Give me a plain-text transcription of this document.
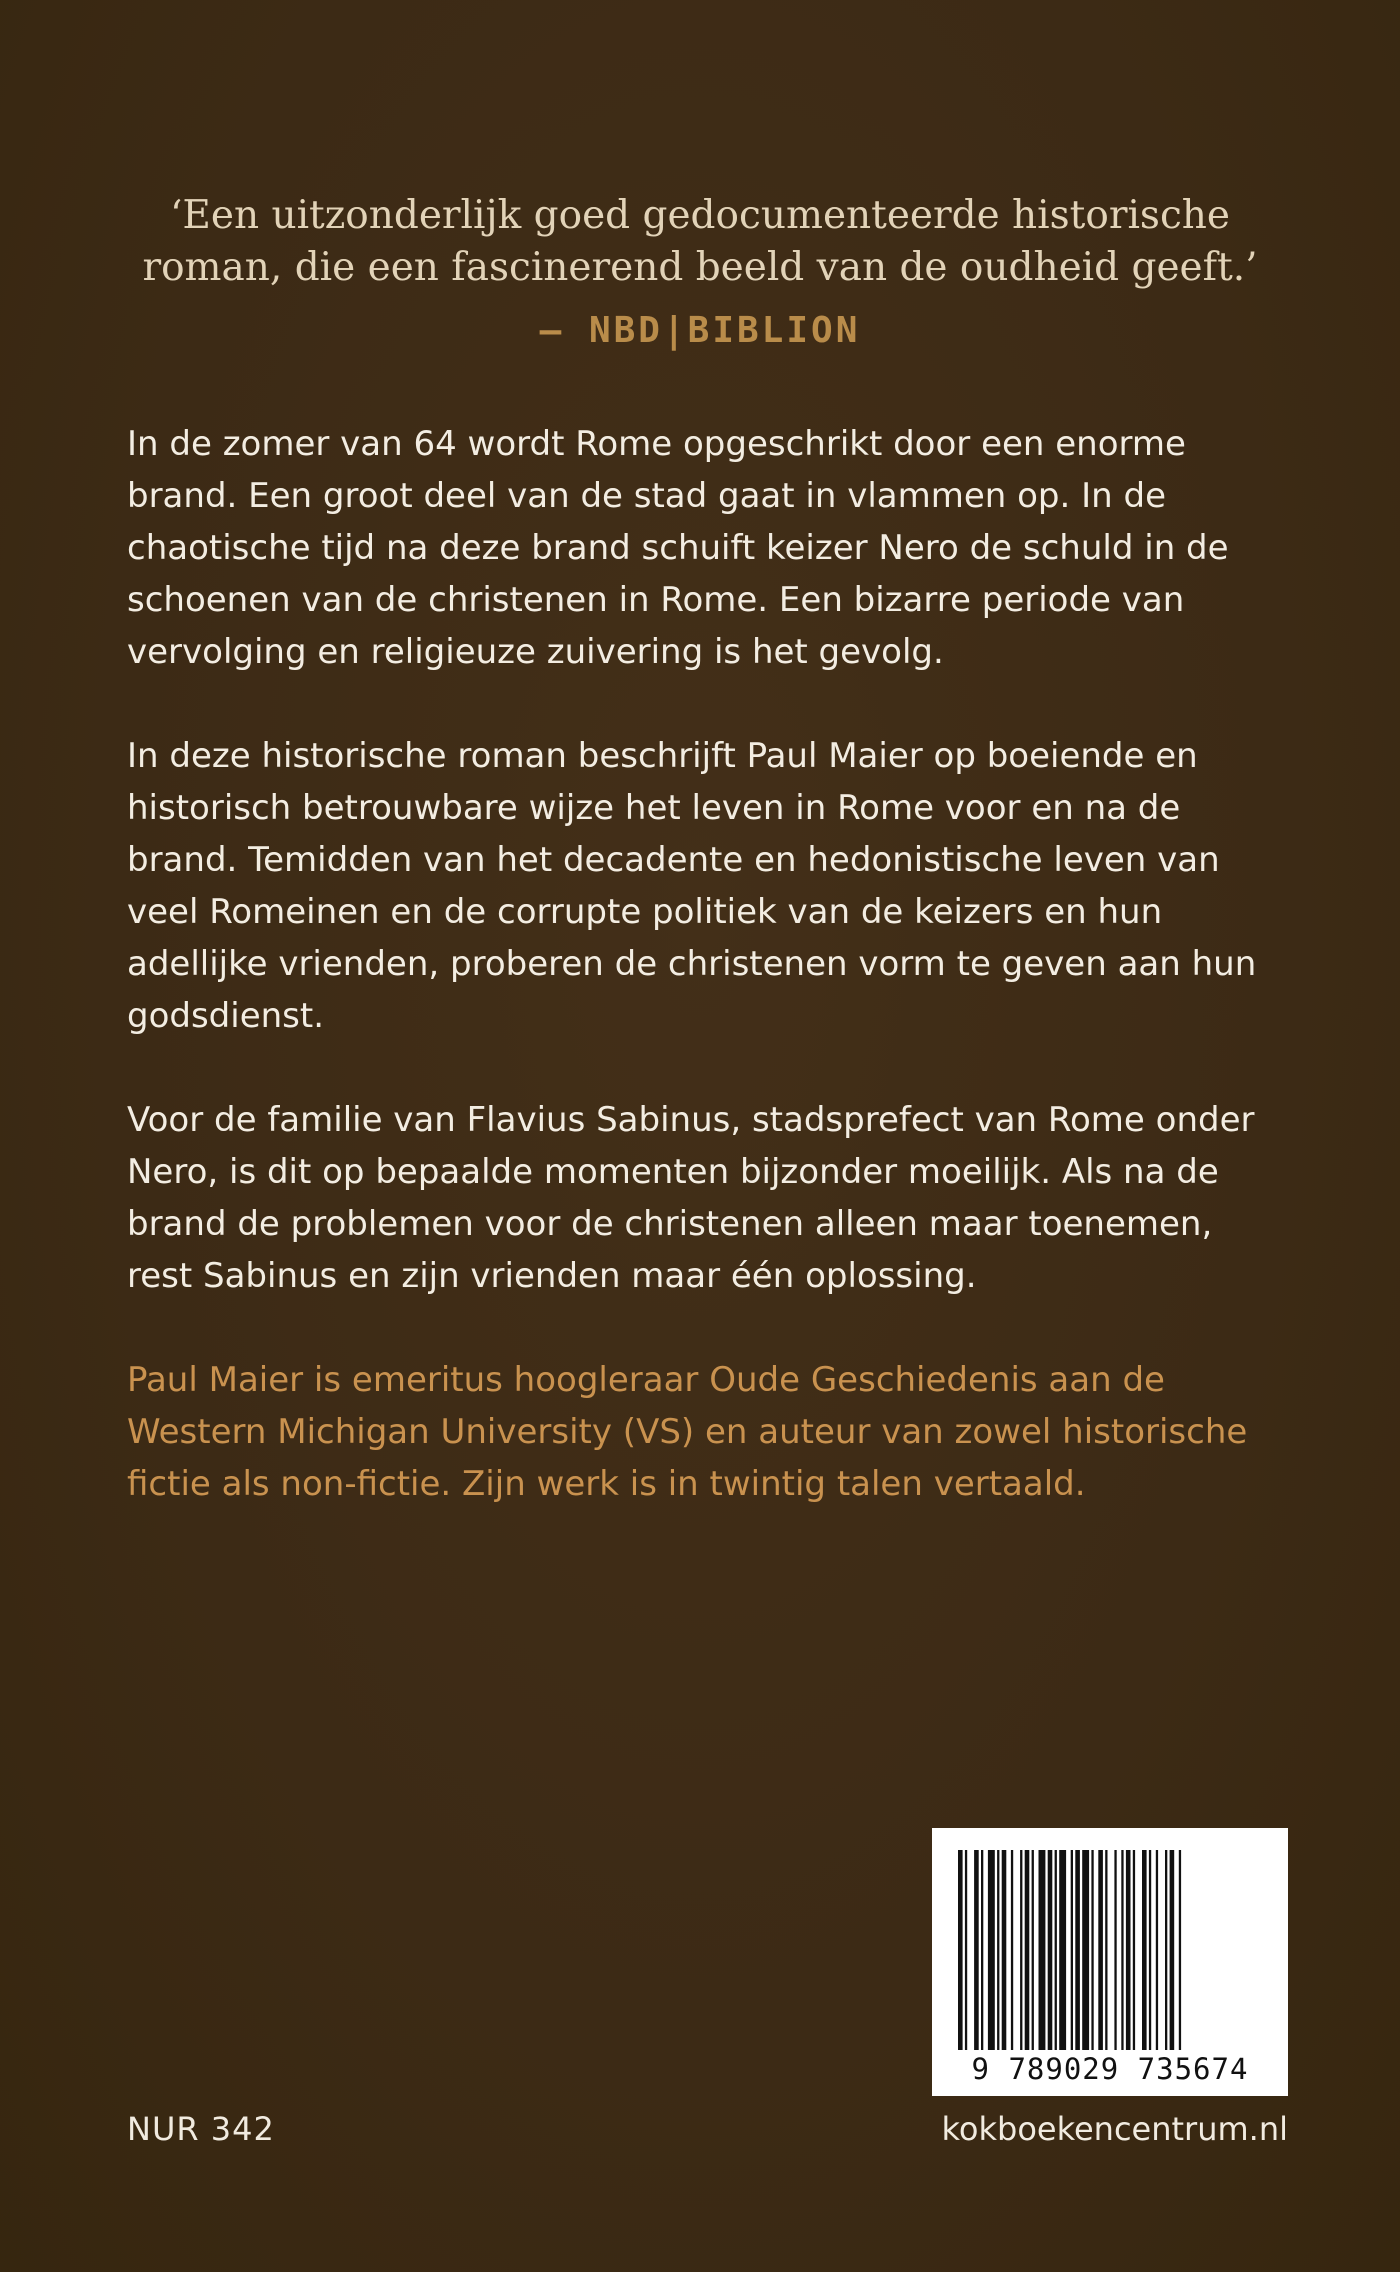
‘Een uitzonderlijk goed gedocumenteerde historische roman, die een fascinerend beeld van de oudheid geeft.’

– NBD|BIBLION

In de zomer van 64 wordt Rome opgeschrikt door een enorme brand. Een groot deel van de stad gaat in vlammen op. In de chaotische tijd na deze brand schuift keizer Nero de schuld in de schoenen van de christenen in Rome. Een bizarre periode van vervolging en religieuze zuivering is het gevolg.

In deze historische roman beschrijft Paul Maier op boeiende en historisch betrouwbare wijze het leven in Rome voor en na de brand. Temidden van het decadente en hedonistische leven van veel Romeinen en de corrupte politiek van de keizers en hun adellijke vrienden, proberen de christenen vorm te geven aan hun godsdienst.

Voor de familie van Flavius Sabinus, stadsprefect van Rome onder Nero, is dit op bepaalde momenten bijzonder moeilijk. Als na de brand de problemen voor de christenen alleen maar toenemen, rest Sabinus en zijn vrienden maar één oplossing.

Paul Maier is emeritus hoogleraar Oude Geschiedenis aan de Western Michigan University (VS) en auteur van zowel historische fictie als non-fictie. Zijn werk is in twintig talen vertaald.

9 789029 735674
NUR 342	kokboekencentrum.nl
